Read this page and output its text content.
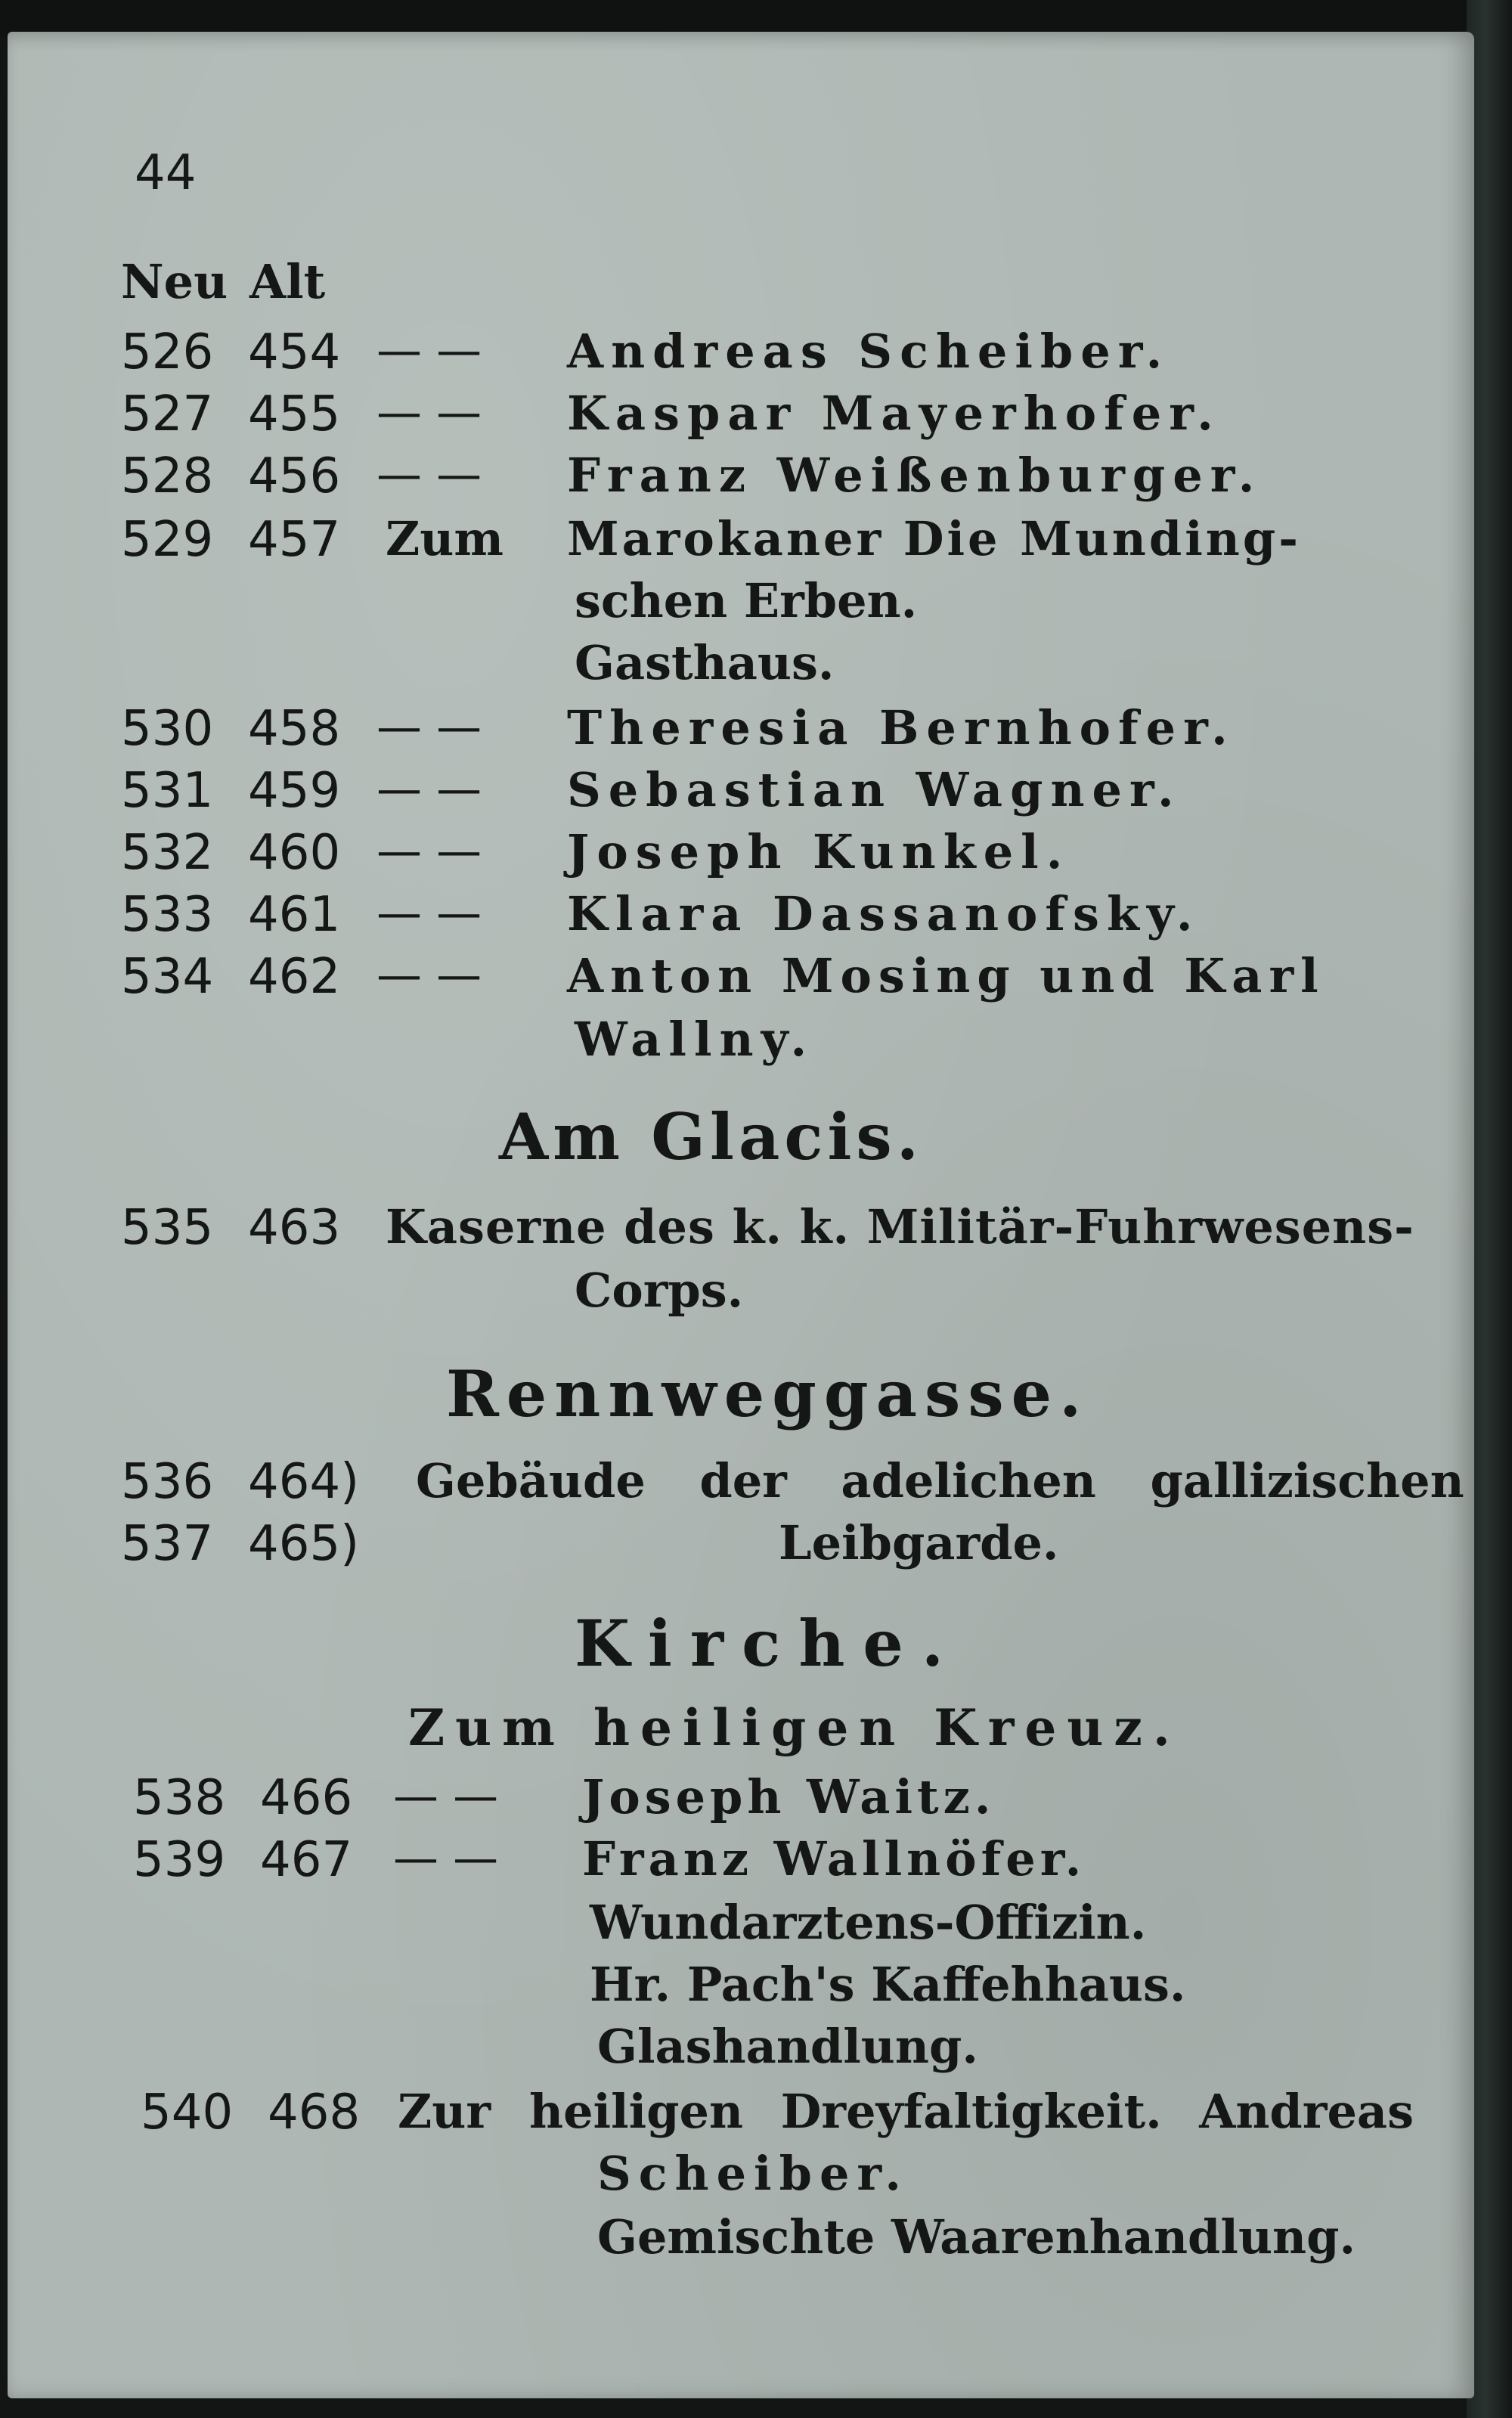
44
Neu Alt
526 454 — — Andreas Scheiber.
527 455 — — Kaspar Mayerhofer.
528 456 — — Franz Weißenburger.
529 457 Zum Marokaner Die Munding-
schen Erben.
Gasthaus.
530 458 — — Theresia Bernhofer.
531 459 — — Sebastian Wagner.
532 460 — — Joseph Kunkel.
533 461 — — Klara Dassanofsky.
534 462 — — Anton Mosing und Karl
Wallny.
Am Glacis.
535 463 Kaserne des k. k. Militär-Fuhrwesens-
Corps.
Rennweggasse.
536 464)
537 465)
Gebäude der adelichen gallizischen
Leibgarde.
Kirche.
Zum heiligen Kreuz.
538 466 — — Joseph Waitz.
539 467 — — Franz Wallnöfer.
Wundarztens-Offizin.
Hr. Pach's Kaffehhaus.
Glashandlung.
540 468 Zur heiligen Dreyfaltigkeit. Andreas
Scheiber.
Gemischte Waarenhandlung.
